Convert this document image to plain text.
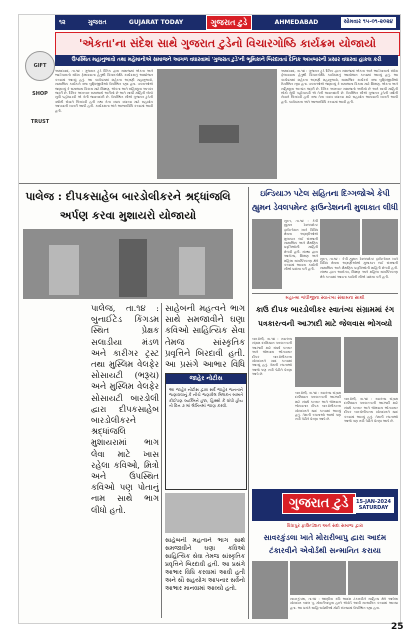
GIFT SHOP TRUST
૧૨	ગુજરાત	GUJARAT TODAY	ગુજરાત ટુડે	AHMEDABAD	સોમવાર ૧૫-૦૧-૨૦૨૪
'એકતા'ના સંદેશ સાથે ગુજરાત ટુડેનો વિચારગોષ્ઠિ કાર્યક્રમ યોજાયો
ઉપસ્થિત મહાનુભાવો તથા મહેમાનોએ સમાજને આગળ વધારવામાં 'ગુજરાત ટુડે'ની ભૂમિકાને બિરદાવતાં દૈનિક અખબારની પ્રસાર વધારવા હાકલ કરી
અમદાવાદ, તા.૧૪ : ગુજરાત ટુડે દૈનિક દ્વારા સમાજમાં એકતા અને ભાઈચારાનો સંદેશ ફેલાવવાના હેતુથી વિચારગોષ્ઠિ કાર્યક્રમનું આયોજન કરવામાં આવ્યું હતું. આ કાર્યક્રમમાં શહેરના અગ્રણી મહાનુભાવો, સામાજિક કાર્યકરો તથા બુદ્ધિજીવીઓ ઉપસ્થિત રહ્યા હતા. વક્તાઓએ જણાવ્યું કે સમાજના વિકાસ માટે શિક્ષણ, એકતા અને સહિષ્ણુતા અત્યંત જરૂરી છે. દૈનિક અખબાર સમાજનો અરીસો છે અને સાચી માહિતી લોકો સુધી પહોંચાડવી એ તેની જવાબદારી છે. ઉપસ્થિત સૌએ ગુજરાત ટુડેની વર્ષોની સેવાને બિરદાવી હતી તથા તેના વ્યાપ વધારવા માટે સહયોગ આપવાની ખાતરી આપી હતી. કાર્યક્રમના અંતે આભારવિધિ કરવામાં આવી હતી.
અમદાવાદ, તા.૧૪ : ગુજરાત ટુડે દૈનિક દ્વારા સમાજમાં એકતા અને ભાઈચારાનો સંદેશ ફેલાવવાના હેતુથી વિચારગોષ્ઠિ કાર્યક્રમનું આયોજન કરવામાં આવ્યું હતું. આ કાર્યક્રમમાં શહેરના અગ્રણી મહાનુભાવો, સામાજિક કાર્યકરો તથા બુદ્ધિજીવીઓ ઉપસ્થિત રહ્યા હતા. વક્તાઓએ જણાવ્યું કે સમાજના વિકાસ માટે શિક્ષણ, એકતા અને સહિષ્ણુતા અત્યંત જરૂરી છે. દૈનિક અખબાર સમાજનો અરીસો છે અને સાચી માહિતી લોકો સુધી પહોંચાડવી એ તેની જવાબદારી છે. ઉપસ્થિત સૌએ ગુજરાત ટુડેની વર્ષોની સેવાને બિરદાવી હતી તથા તેના વ્યાપ વધારવા માટે સહયોગ આપવાની ખાતરી આપી હતી. કાર્યક્રમના અંતે આભારવિધિ કરવામાં આવી હતી.
પાલેજ : દીપકસાહેબ બારડોલીકરને શ્રદ્ધાંજલિ અર્પણ કરવા મુશાયરો યોજાયો
પાલેજ, તા.૧૪ : બુનાઈટેડ કિંગડમ સ્થિત પ્રેક્ષક સલાડીયા મંડળ અને કારીગર ટ્રસ્ટ તથા મુસ્લિમ વેલફેર સોસાયટી (ભરૂચ) અને મુસ્લિમ વેલફેર સોસાયટી બારડોલી દ્વારા દીપકસાહેબ બારડોલીકરને શ્રદ્ધાંજલિ મુશાયરામાં ભાગ લેવા માટે ખાસ રહેલા કવિઓ, મિત્રો અને ઉપસ્થિત કવિઓ પણ પોતાનું નામ સાથે ભાગ લીધો હતો.
સાહેબની મહત્વને ભાગ સાથે સમજાવીને ઘણા કવિઓ સાહિત્યિક સેવા તેમજ સાંસ્કૃતિક પ્રવૃત્તિને બિરદાવી હતી. આ પ્રસંગે આભાર વિધિ
જાહેર નોટીસ
આ જાહેર નોટીસ દ્વારા સર્વે જાહેર જનતાને જણાવવાનું કે નીચે જણાવેલ મિલકત બાબતે કોઈપણ વ્યક્તિને હક્ક, હિસ્સો કે વાંધો હોય તો દિન ૭ માં લેખિતમાં જાણ કરવી.
સાહેબની મહત્વને ભાગ સાથે સમજાવીને ઘણા કવિઓ સાહિત્યિક સેવા તેમજ સાંસ્કૃતિક પ્રવૃત્તિને બિરદાવી હતી. આ પ્રસંગે આભાર વિધિ કરવામાં આવી હતી અને સૌ સહયોગ આપનાર સર્વેનો આભાર માનવામાં આવ્યો હતો.
ઇન્ડિયાઝ પટેલ સહિતના દિગ્ગજોએ કેપી હ્યુમન ડેવલપમેન્ટ ફાઉન્ડેશનની મુલાકાત લીધી
સુરત, તા.૧૪ : કેપી હ્યુમન ડેવલપમેન્ટ ફાઉન્ડેશન ખાતે વિવિધ ક્ષેત્રના અગ્રણીઓએ મુલાકાત લઈ સંસ્થાની સામાજિક અને શૈક્ષણિક પ્રવૃત્તિઓની માહિતી મેળવી હતી. સંસ્થા દ્વારા આરોગ્ય, શિક્ષણ અને મહિલા સશક્તિકરણ ક્ષેત્રે કરવામાં આવતા કાર્યની સૌએ પ્રશંસા કરી હતી.
સુરત, તા.૧૪ : કેપી હ્યુમન ડેવલપમેન્ટ ફાઉન્ડેશન ખાતે વિવિધ ક્ષેત્રના અગ્રણીઓએ મુલાકાત લઈ સંસ્થાની સામાજિક અને શૈક્ષણિક પ્રવૃત્તિઓની માહિતી મેળવી હતી. સંસ્થા દ્વારા આરોગ્ય, શિક્ષણ અને મહિલા સશક્તિકરણ ક્ષેત્રે કરવામાં આવતા કાર્યની સૌએ પ્રશંસા કરી હતી.
મહાત્મા ગાંધીજીના સ્વાતંત્ર્ય સંગ્રામના સાથી
કાઉ દીપક બારડોલીકર સ્વાતંત્ર્ય સંગ્રામમાં રંગ પત્રકારત્વની આઝાદી માટે જેલવાસ ભોગવ્યો
બારડોલી, તા.૧૪ : સ્વાતંત્ર્ય સંગ્રામ દરમિયાન પત્રકારત્વની આઝાદી માટે સંઘર્ષ કરનાર અને જેલવાસ ભોગવનાર દીપક બારડોલીકરના યોગદાનને યાદ કરવામાં આવ્યું હતું. તેમની રચનાઓ આજે પણ નવી પેઢીને પ્રેરણા આપે છે.
બારડોલી, તા.૧૪ : સ્વાતંત્ર્ય સંગ્રામ દરમિયાન પત્રકારત્વની આઝાદી માટે સંઘર્ષ કરનાર અને જેલવાસ ભોગવનાર દીપક બારડોલીકરના યોગદાનને યાદ કરવામાં આવ્યું હતું. તેમની રચનાઓ આજે પણ નવી પેઢીને પ્રેરણા આપે છે.
બારડોલી, તા.૧૪ : સ્વાતંત્ર્ય સંગ્રામ દરમિયાન પત્રકારત્વની આઝાદી માટે સંઘર્ષ કરનાર અને જેલવાસ ભોગવનાર દીપક બારડોલીકરના યોગદાનને યાદ કરવામાં આવ્યું હતું. તેમની રચનાઓ આજે પણ નવી પેઢીને પ્રેરણા આપે છે.
ગુજરાત ટુડે	15-JAN-2024
SATURDAY
વિધાપુર ફાઉન્ડેશન અને સદા સમાજ દ્વારા
સાવરકુંડલા ખાતે મોરારીબાપુ દ્વારા આદમ ટંકારવીને એવોર્ડથી સન્માનિત કરાયા
સાવરકુંડલા, તા.૧૪ : જાણીતા કવિ આદમ ટંકારવીને સાહિત્ય ક્ષેત્રે આપેલા યોગદાન બદલ પૂ. મોરારીબાપુના હસ્તે એવોર્ડ આપી સન્માનિત કરવામાં આવ્યા હતા. આ પ્રસંગે સાહિત્યપ્રેમીઓ મોટી સંખ્યામાં ઉપસ્થિત રહ્યા હતા.
25
